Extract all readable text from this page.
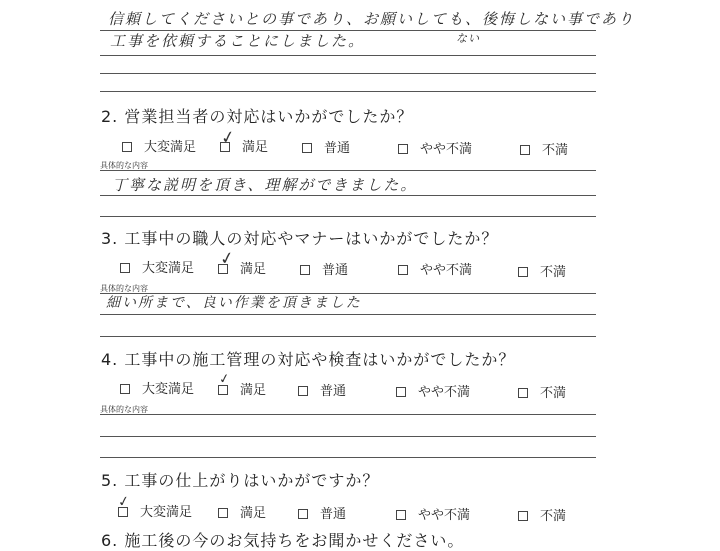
信頼してくださいとの事であり、お願いしても、後悔しない事であり
ない
工事を依頼することにしました。
2. 営業担当者の対応はいかがでしたか？
大変満足	満足
✓	普通	やや不満	不満
具体的な内容
丁寧な説明を頂き、理解ができました。
3. 工事中の職人の対応やマナーはいかがでしたか？
大変満足	満足
✓
普通	やや不満	不満
具体的な内容
細い所まで、良い作業を頂きました
4. 工事中の施工管理の対応や検査はいかがでしたか？
大変満足	満足
✓
普通	やや不満	不満
具体的な内容
5. 工事の仕上がりはいかがですか？
大変満足
✓
満足	普通	やや不満	不満
6. 施工後の今のお気持ちをお聞かせください。
